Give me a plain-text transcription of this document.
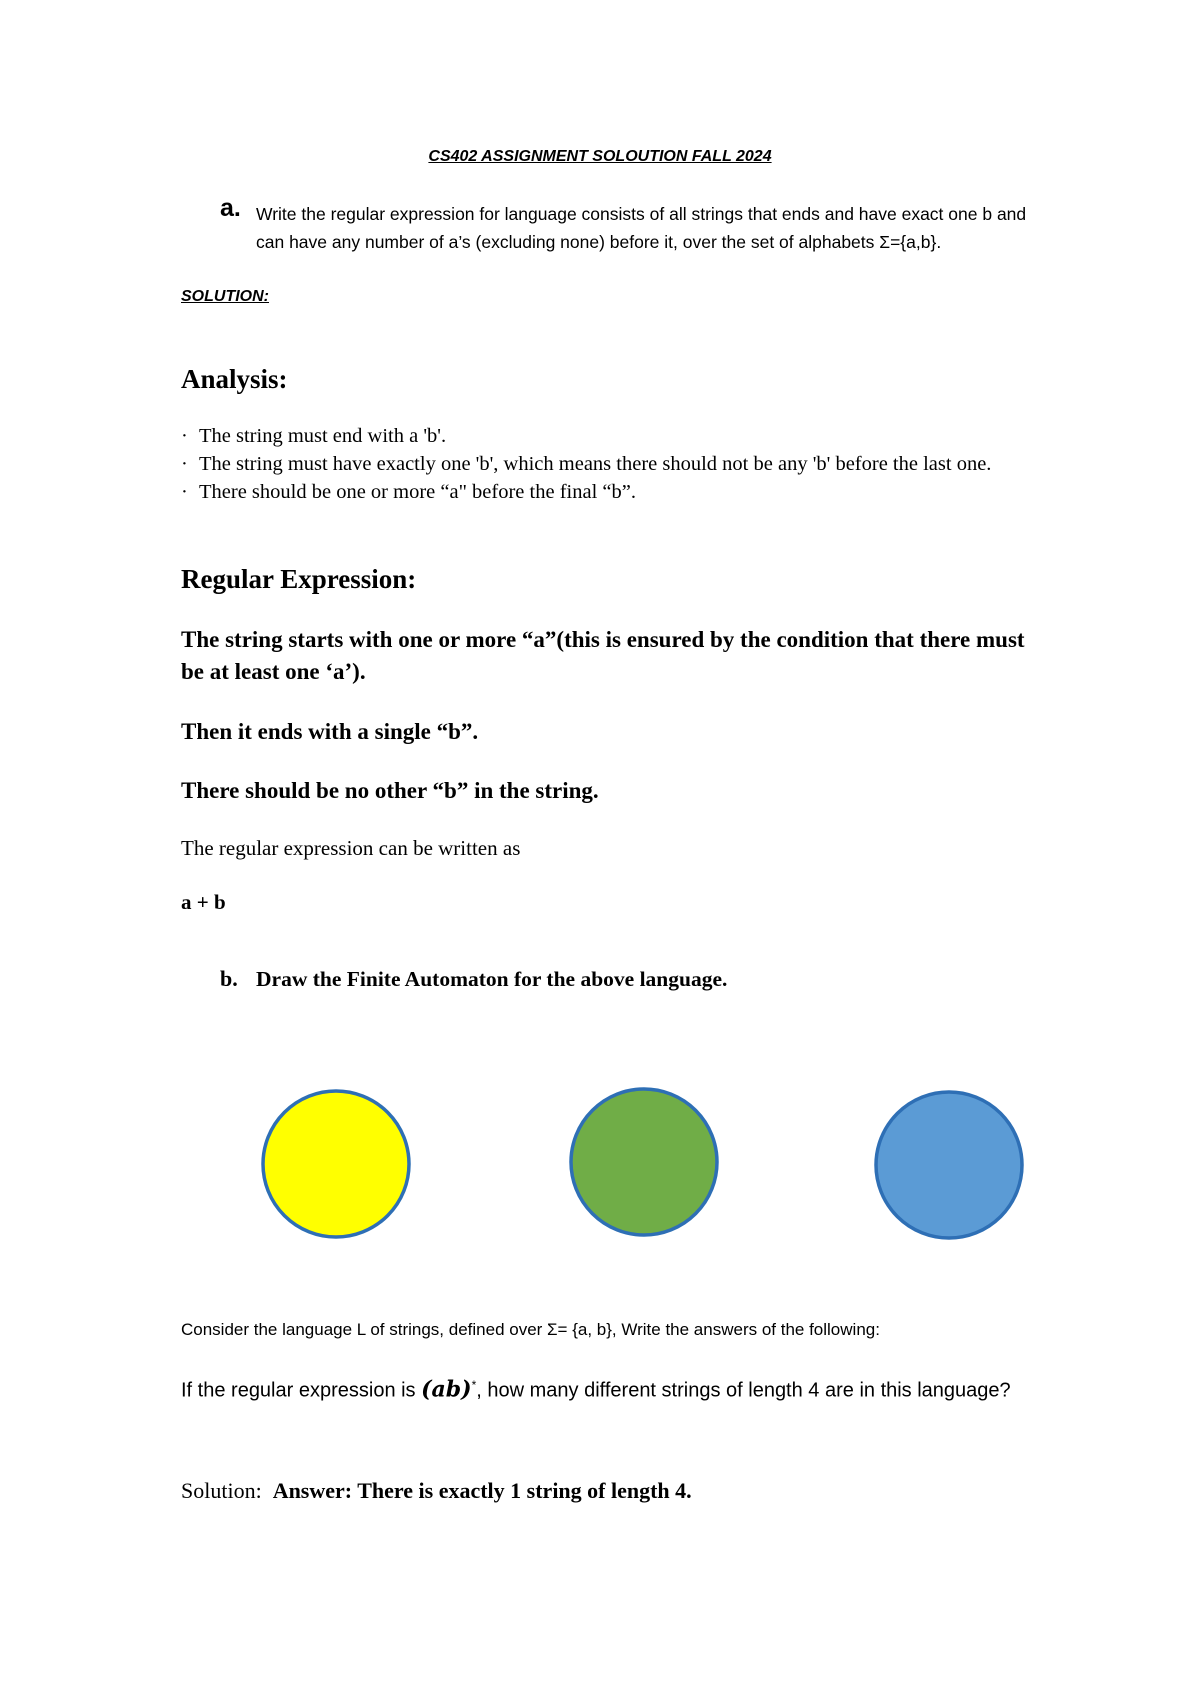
CS402 ASSIGNMENT SOLOUTION FALL 2024
a. Write the regular expression for language consists of all strings that ends and have exact one b and can have any number of a’s (excluding none) before it, over the set of alphabets Σ={a,b}.
SOLUTION:
Analysis:
· The string must end with a 'b'.
· The string must have exactly one 'b', which means there should not be any 'b' before the last one.
· There should be one or more “a" before the final “b”.
Regular Expression:
The string starts with one or more “a”(this is ensured by the condition that there must be at least one ‘a’).
Then it ends with a single “b”.
There should be no other “b” in the string.
The regular expression can be written as
a + b
b. Draw the Finite Automaton for the above language.
Consider the language L of strings, defined over Σ= {a, b}, Write the answers of the following:
If the regular expression is (ab)*, how many different strings of length 4 are in this language?
Solution: Answer: There is exactly 1 string of length 4.
